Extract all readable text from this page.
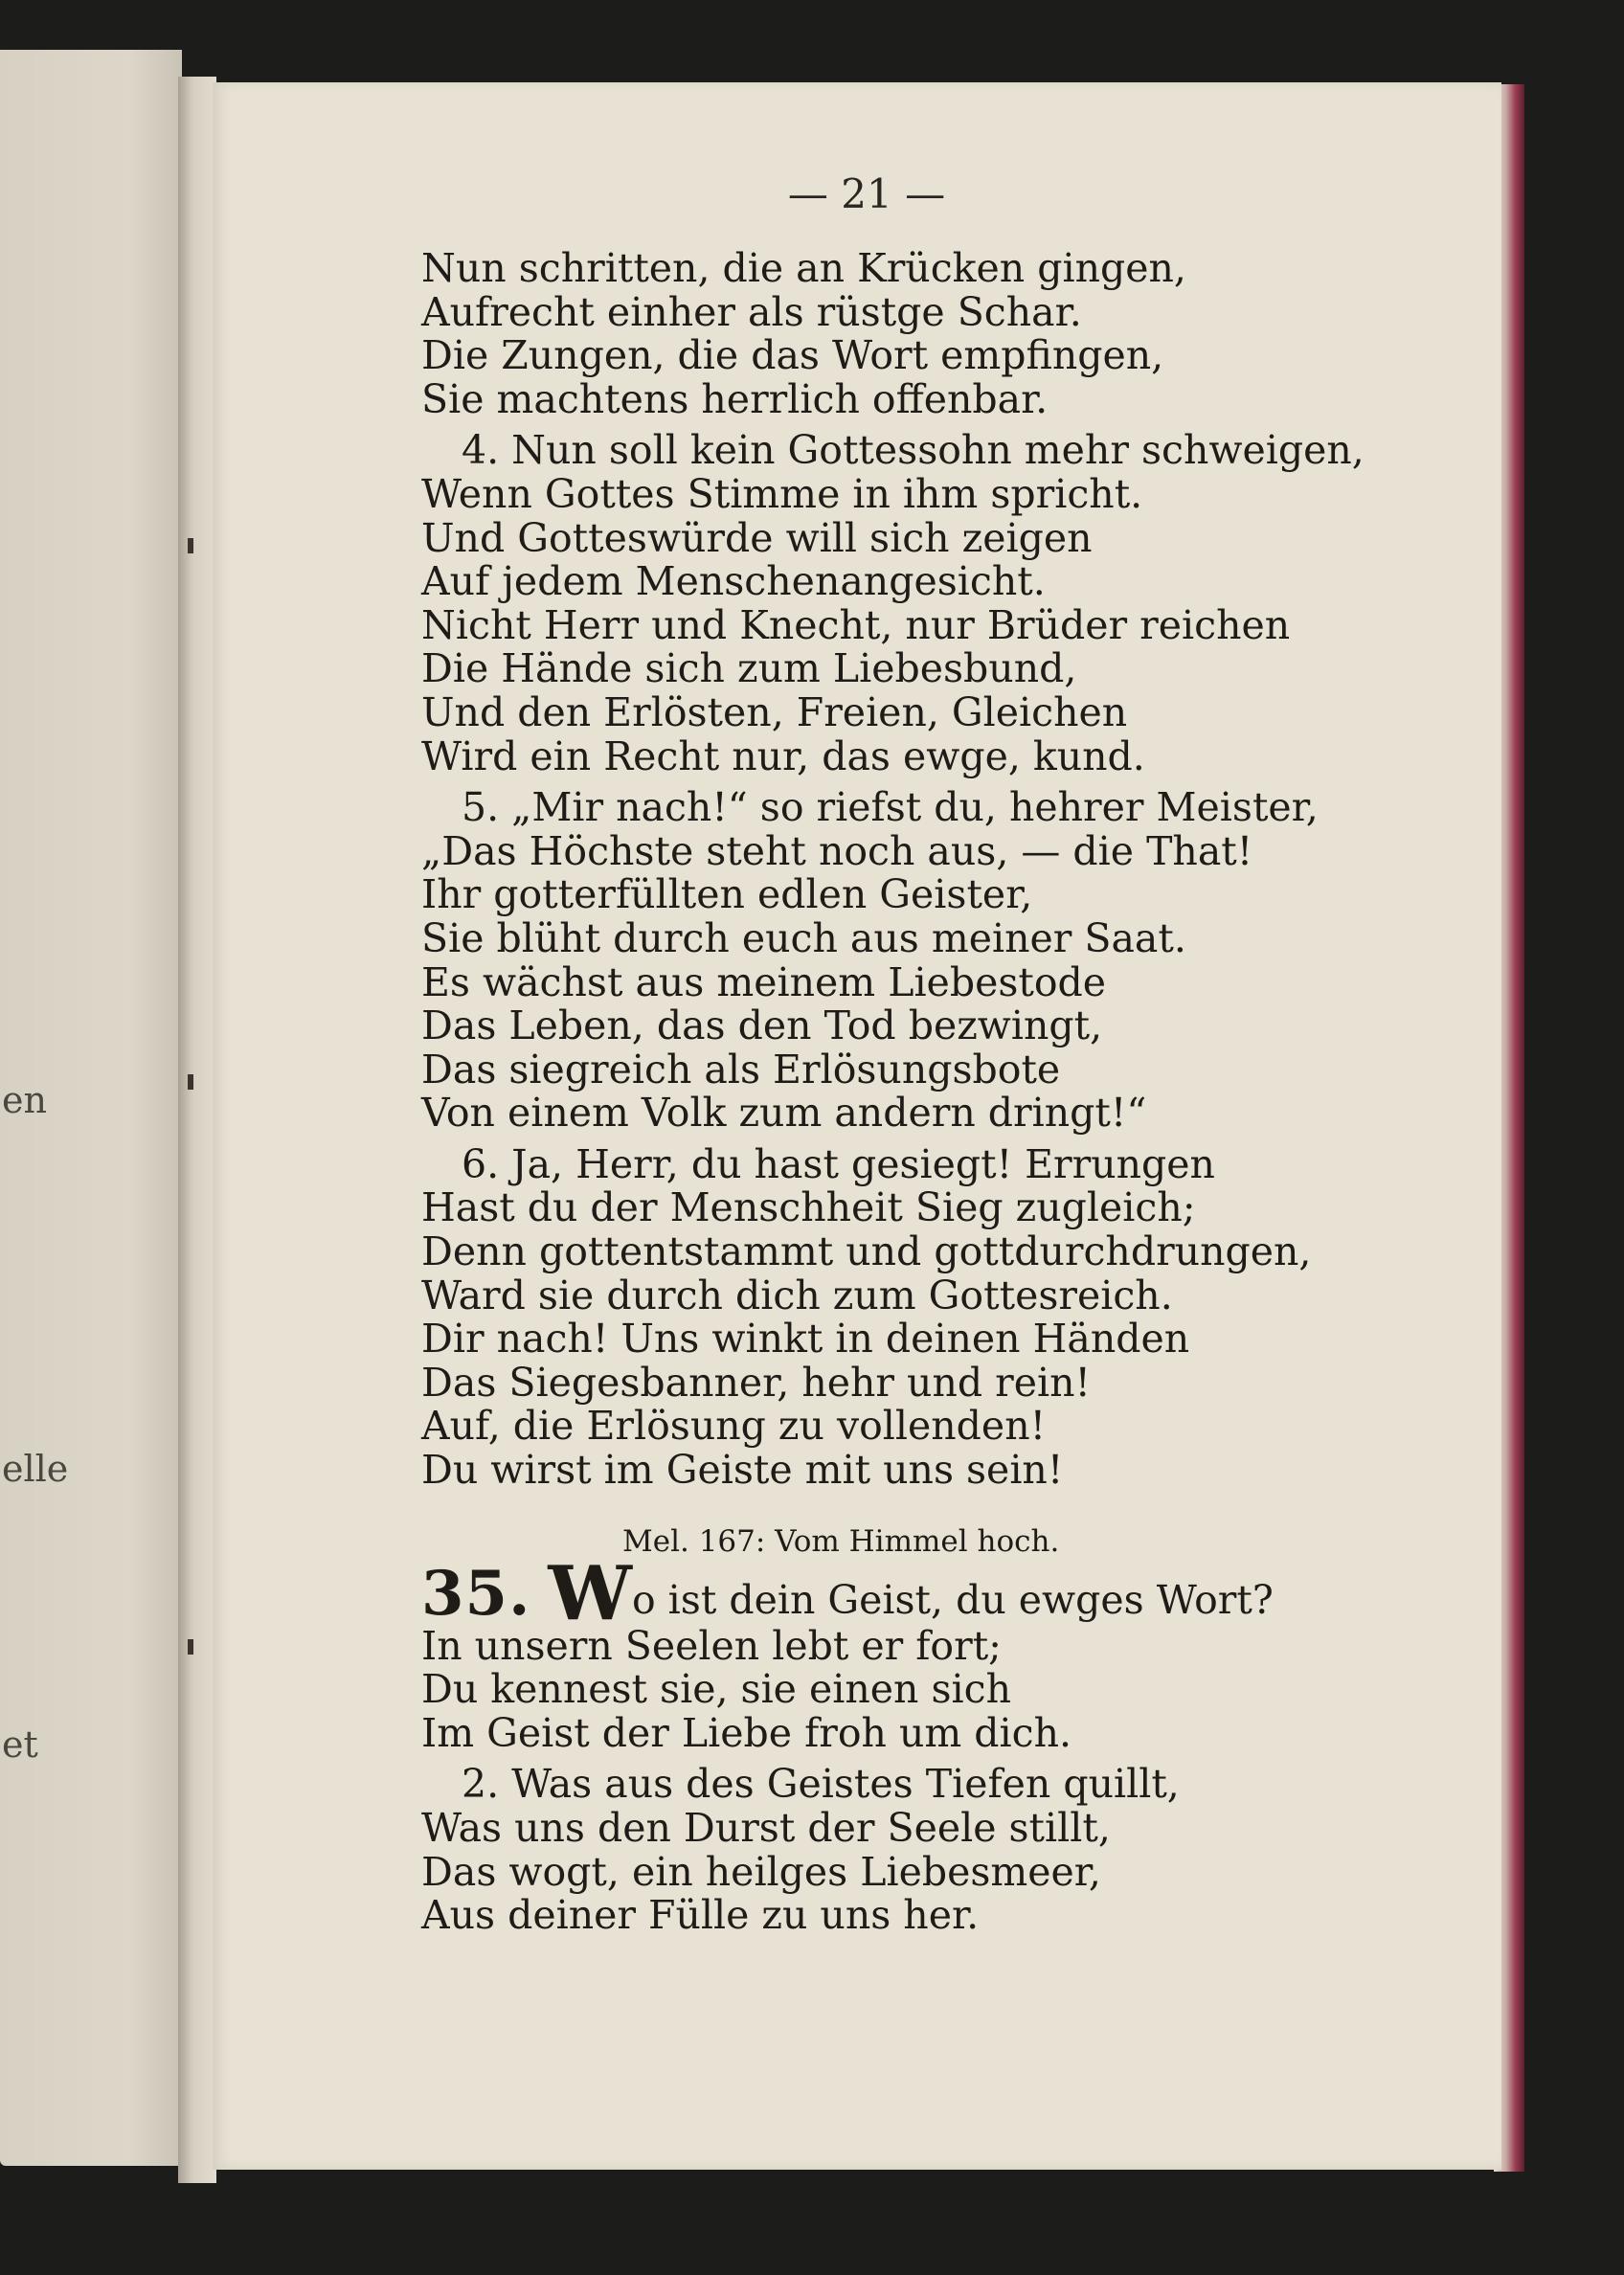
en
elle
et
— 21 —
Nun schritten, die an Krücken gingen,
Aufrecht einher als rüstge Schar.
Die Zungen, die das Wort empfingen,
Sie machtens herrlich offenbar.
4. Nun soll kein Gottessohn mehr schweigen,
Wenn Gottes Stimme in ihm spricht.
Und Gotteswürde will sich zeigen
Auf jedem Menschenangesicht.
Nicht Herr und Knecht, nur Brüder reichen
Die Hände sich zum Liebesbund,
Und den Erlösten, Freien, Gleichen
Wird ein Recht nur, das ewge, kund.
5. „Mir nach!“ so riefst du, hehrer Meister,
„Das Höchste steht noch aus, — die That!
Ihr gotterfüllten edlen Geister,
Sie blüht durch euch aus meiner Saat.
Es wächst aus meinem Liebestode
Das Leben, das den Tod bezwingt,
Das siegreich als Erlösungsbote
Von einem Volk zum andern dringt!“
6. Ja, Herr, du hast gesiegt! Errungen
Hast du der Menschheit Sieg zugleich;
Denn gottentstammt und gottdurchdrungen,
Ward sie durch dich zum Gottesreich.
Dir nach! Uns winkt in deinen Händen
Das Siegesbanner, hehr und rein!
Auf, die Erlösung zu vollenden!
Du wirst im Geiste mit uns sein!
Mel. 167: Vom Himmel hoch.
35. W o ist dein Geist, du ewges Wort?
In unsern Seelen lebt er fort;
Du kennest sie, sie einen sich
Im Geist der Liebe froh um dich.
2. Was aus des Geistes Tiefen quillt,
Was uns den Durst der Seele stillt,
Das wogt, ein heilges Liebesmeer,
Aus deiner Fülle zu uns her.
